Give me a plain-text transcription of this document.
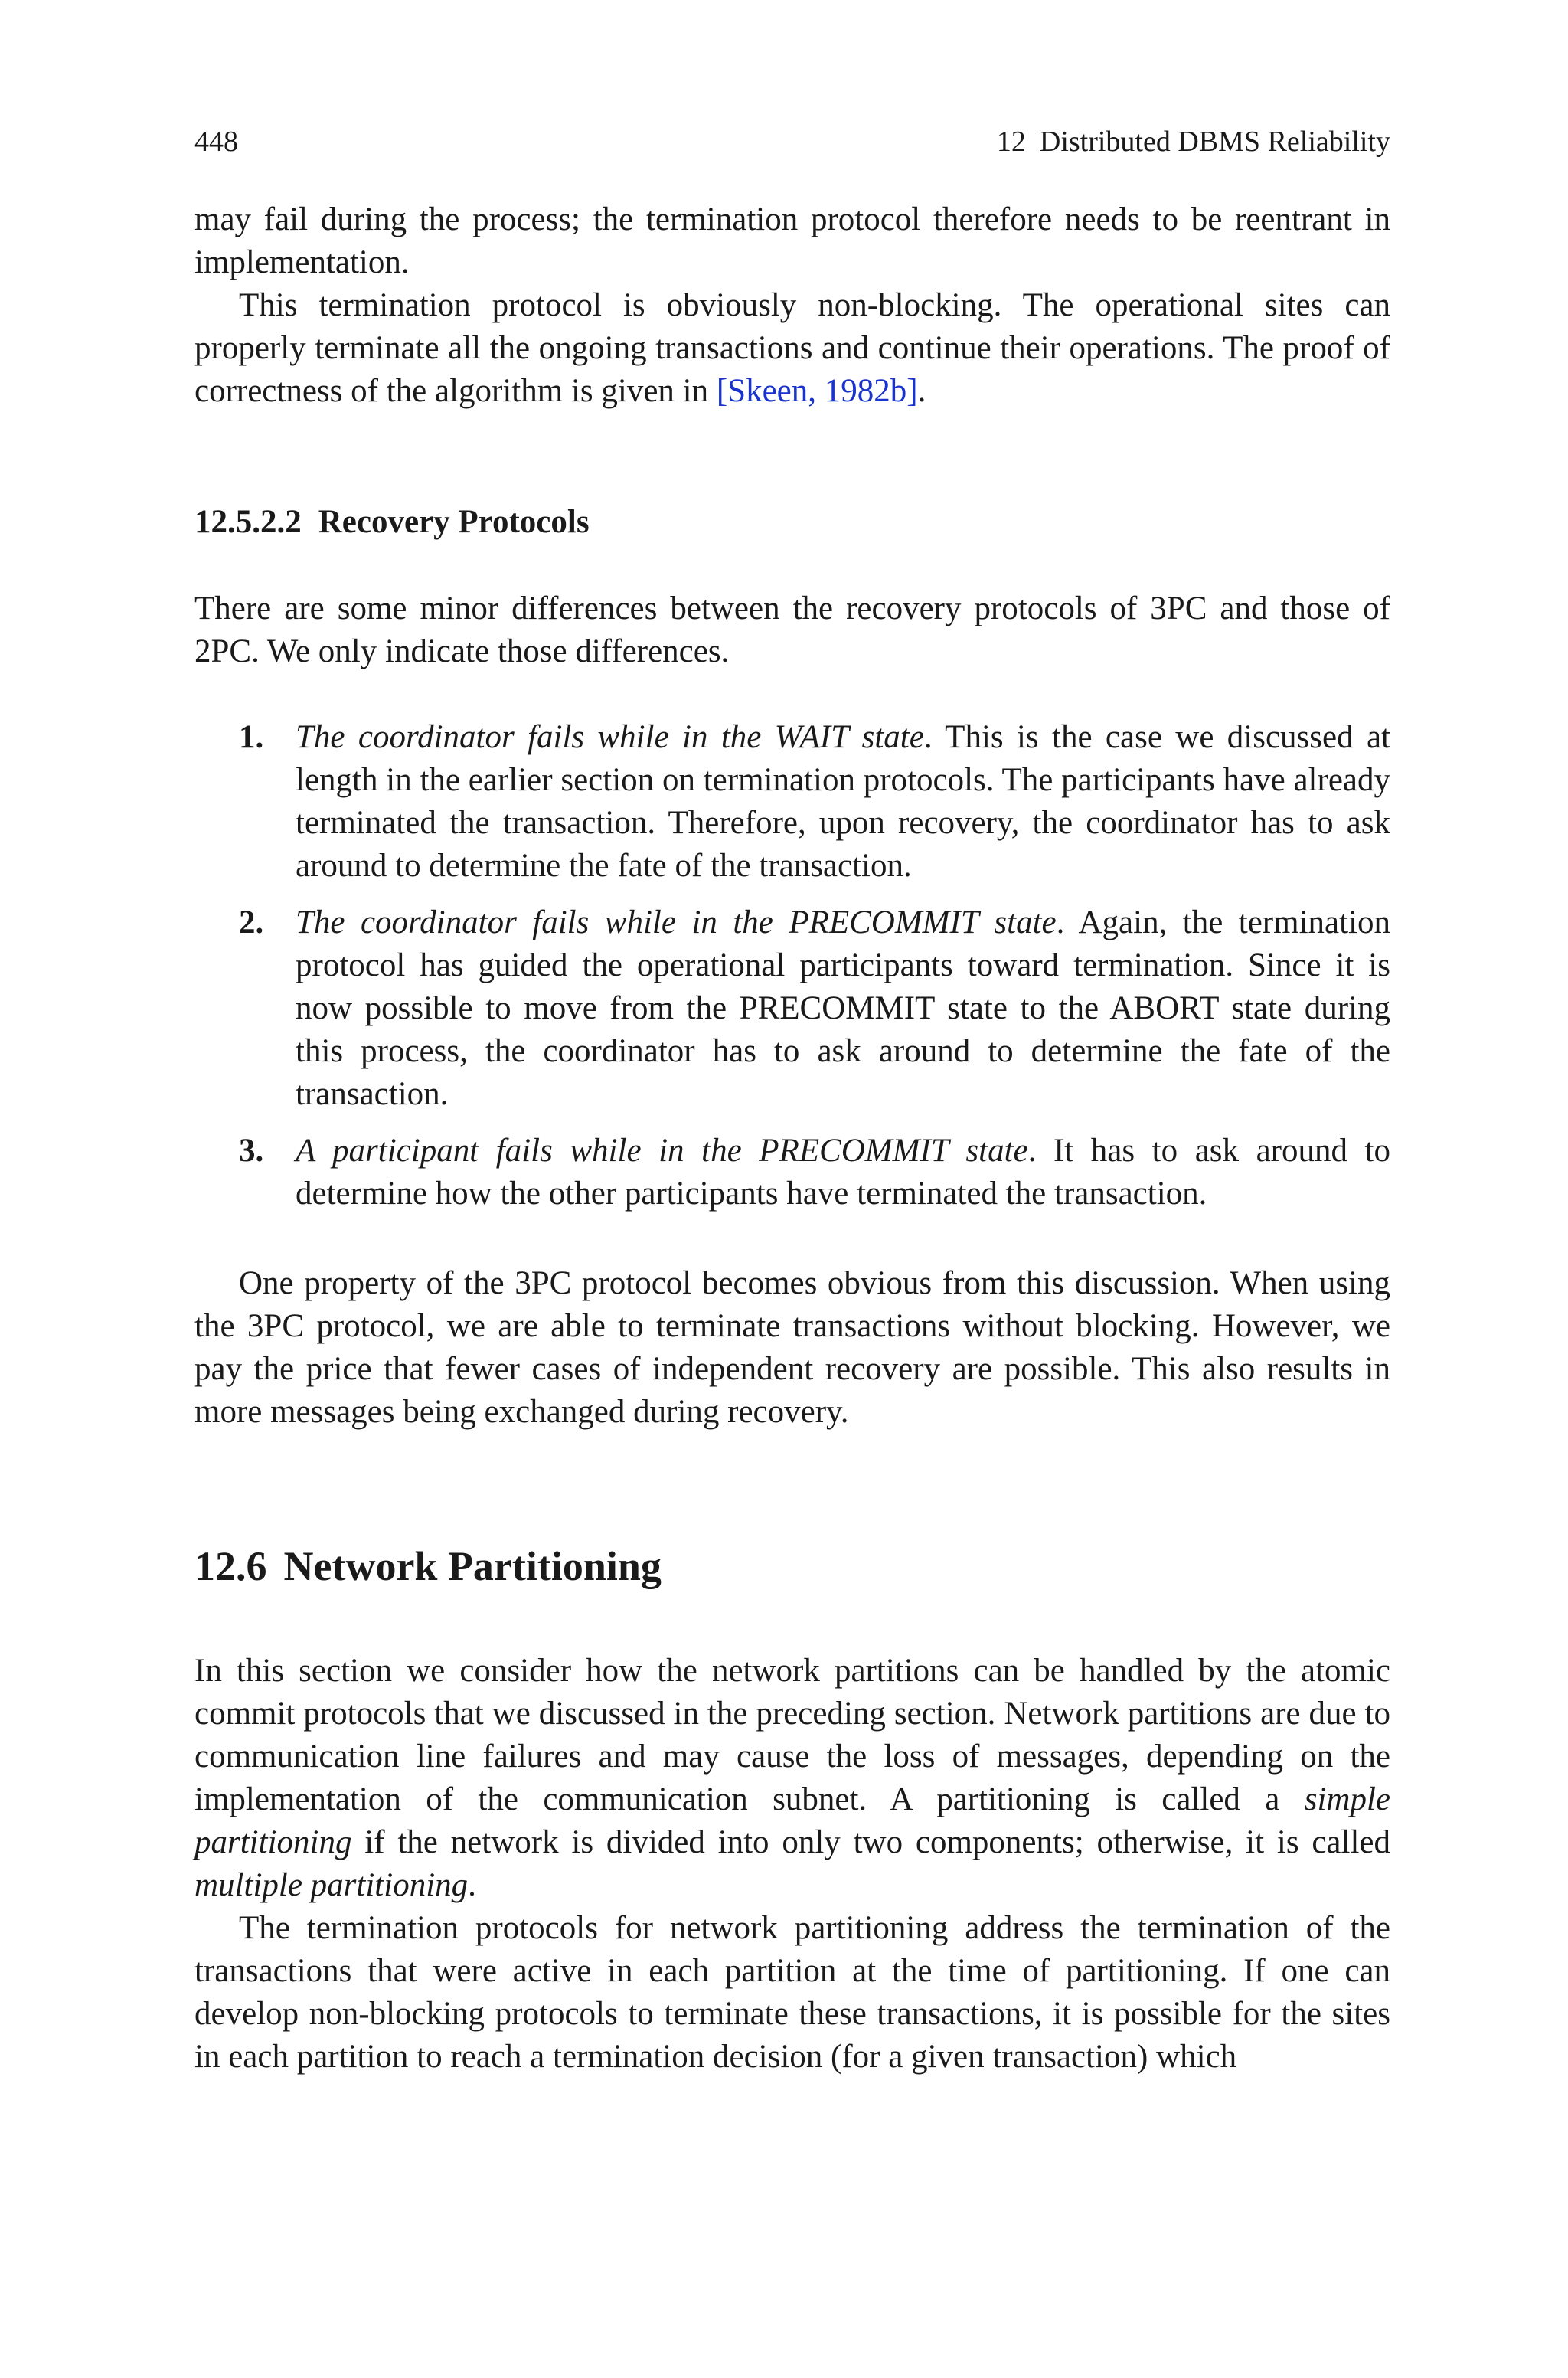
448	12 Distributed DBMS Reliability

may fail during the process; the termination protocol therefore needs to be reentrant in implementation.

This termination protocol is obviously non-blocking. The operational sites can properly terminate all the ongoing transactions and continue their operations. The proof of correctness of the algorithm is given in [Skeen, 1982b].

12.5.2.2 Recovery Protocols

There are some minor differences between the recovery protocols of 3PC and those of 2PC. We only indicate those differences.

1. The coordinator fails while in the WAIT state. This is the case we discussed at length in the earlier section on termination protocols. The participants have already terminated the transaction. Therefore, upon recovery, the coordinator has to ask around to determine the fate of the transaction.
2. The coordinator fails while in the PRECOMMIT state. Again, the termination protocol has guided the operational participants toward termination. Since it is now possible to move from the PRECOMMIT state to the ABORT state during this process, the coordinator has to ask around to determine the fate of the transaction.
3. A participant fails while in the PRECOMMIT state. It has to ask around to determine how the other participants have terminated the transaction.

One property of the 3PC protocol becomes obvious from this discussion. When using the 3PC protocol, we are able to terminate transactions without blocking. However, we pay the price that fewer cases of independent recovery are possible. This also results in more messages being exchanged during recovery.

12.6 Network Partitioning

In this section we consider how the network partitions can be handled by the atomic commit protocols that we discussed in the preceding section. Network partitions are due to communication line failures and may cause the loss of messages, depending on the implementation of the communication subnet. A partitioning is called a simple partitioning if the network is divided into only two components; otherwise, it is called multiple partitioning.

The termination protocols for network partitioning address the termination of the transactions that were active in each partition at the time of partitioning. If one can develop non-blocking protocols to terminate these transactions, it is possible for the sites in each partition to reach a termination decision (for a given transaction) which
